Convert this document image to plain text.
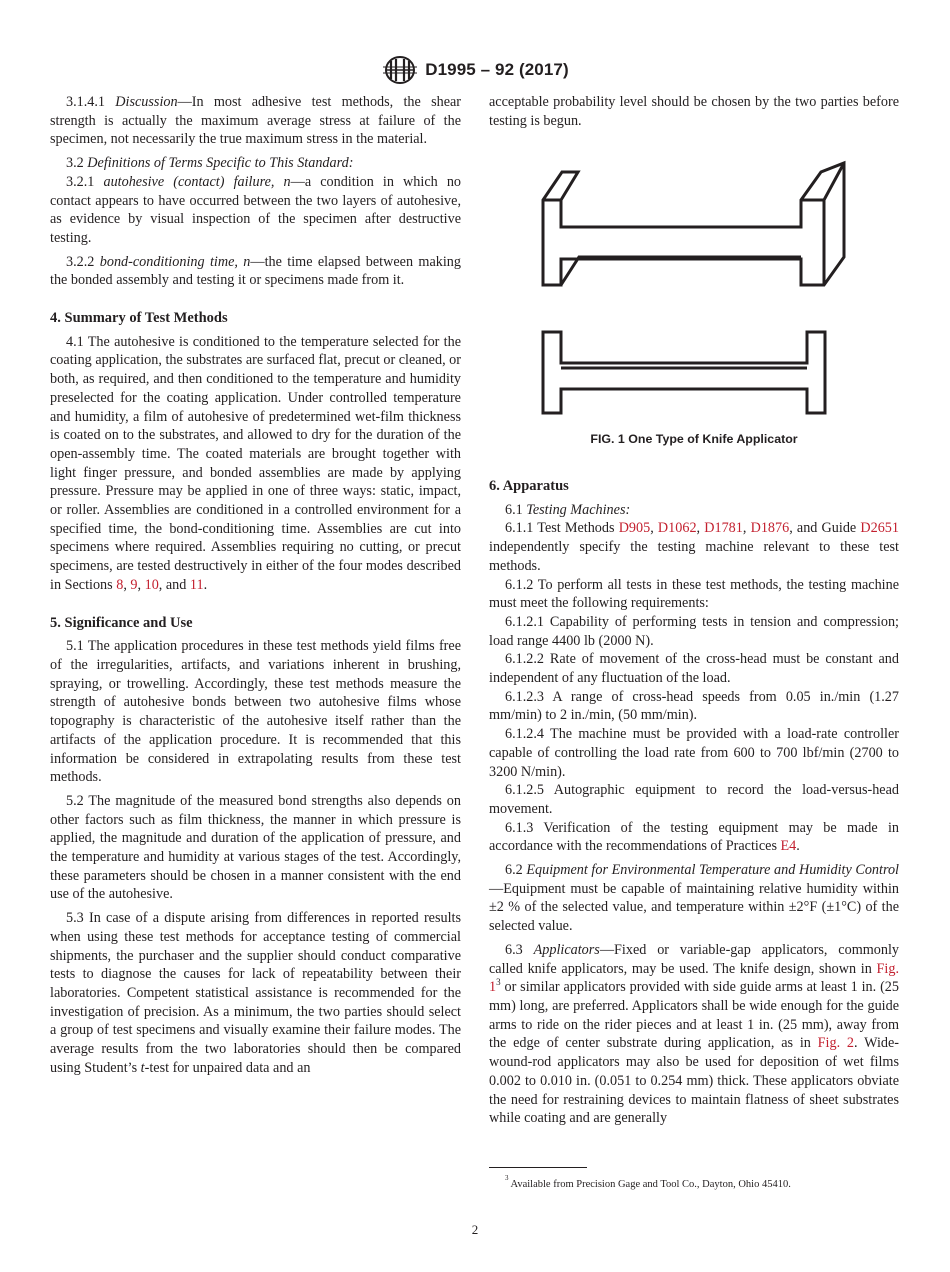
D1995 – 92 (2017)

3.1.4.1 Discussion—In most adhesive test methods, the shear strength is actually the maximum average stress at failure of the specimen, not necessarily the true maximum stress in the material.

3.2 Definitions of Terms Specific to This Standard:

3.2.1 autohesive (contact) failure, n—a condition in which no contact appears to have occurred between the two layers of autohesive, as evidence by visual inspection of the specimen after destructive testing.

3.2.2 bond-conditioning time, n—the time elapsed between making the bonded assembly and testing it or specimens made from it.

4. Summary of Test Methods

4.1 The autohesive is conditioned to the temperature selected for the coating application, the substrates are surfaced flat, precut or cleaned, or both, as required, and then conditioned to the temperature and humidity preselected for the coating application. Under controlled temperature and humidity, a film of autohesive of predetermined wet-film thickness is coated on to the substrates, and allowed to dry for the duration of the open-assembly time. The coated materials are brought together with light finger pressure, and bonded assemblies are made by applying pressure. Pressure may be applied in one of three ways: static, impact, or roller. Assemblies are conditioned in a controlled environment for a specified time, the bond-conditioning time. Assemblies are cut into specimens where required. Assemblies requiring no cutting, or precut specimens, are tested destructively in either of the four modes described in Sections 8, 9, 10, and 11.

5. Significance and Use

5.1 The application procedures in these test methods yield films free of the irregularities, artifacts, and variations inherent in brushing, spraying, or trowelling. Accordingly, these test methods measure the strength of autohesive bonds between two autohesive films whose topography is characteristic of the autohesive itself rather than the artifacts of the application procedure. It is recommended that this information be considered in extrapolating results from these test methods.

5.2 The magnitude of the measured bond strengths also depends on other factors such as film thickness, the manner in which pressure is applied, the magnitude and duration of the application of pressure, and the temperature and humidity at various stages of the test. Accordingly, these parameters should be chosen in a manner consistent with the end use of the autohesive.

5.3 In case of a dispute arising from differences in reported results when using these test methods for acceptance testing of commercial shipments, the purchaser and the supplier should conduct comparative tests to diagnose the causes for lack of repeatability between their laboratories. Competent statistical assistance is recommended for the investigation of precision. As a minimum, the two parties should select a group of test specimens and visually examine their failure modes. The average results from the two laboratories should then be compared using Student’s t-test for unpaired data and an

acceptable probability level should be chosen by the two parties before testing is begun.

FIG. 1 One Type of Knife Applicator
6. Apparatus

6.1 Testing Machines:

6.1.1 Test Methods D905, D1062, D1781, D1876, and Guide D2651 independently specify the testing machine relevant to these test methods.

6.1.2 To perform all tests in these test methods, the testing machine must meet the following requirements:

6.1.2.1 Capability of performing tests in tension and compression; load range 4400 lb (2000 N).

6.1.2.2 Rate of movement of the cross-head must be constant and independent of any fluctuation of the load.

6.1.2.3 A range of cross-head speeds from 0.05 in./min (1.27 mm/min) to 2 in./min, (50 mm/min).

6.1.2.4 The machine must be provided with a load-rate controller capable of controlling the load rate from 600 to 700 lbf/min (2700 to 3200 N/min).

6.1.2.5 Autographic equipment to record the load-versus-head movement.

6.1.3 Verification of the testing equipment may be made in accordance with the recommendations of Practices E4.

6.2 Equipment for Environmental Temperature and Humidity Control—Equipment must be capable of maintaining relative humidity within ±2 % of the selected value, and temperature within ±2°F (±1°C) of the selected value.

6.3 Applicators—Fixed or variable-gap applicators, commonly called knife applicators, may be used. The knife design, shown in Fig. $1^3$ or similar applicators provided with side guide arms at least 1 in. (25 mm) long, are preferred. Applicators shall be wide enough for the guide arms to ride on the rider pieces and at least 1 in. (25 mm), away from the edge of center substrate during application, as in Fig. 2. Wide-wound-rod applicators may also be used for deposition of wet films 0.002 to 0.010 in. (0.051 to 0.254 mm) thick. These applicators obviate the need for restraining devices to maintain flatness of sheet substrates while coating and are generally

$^3$ Available from Precision Gage and Tool Co., Dayton, Ohio 45410.
2
